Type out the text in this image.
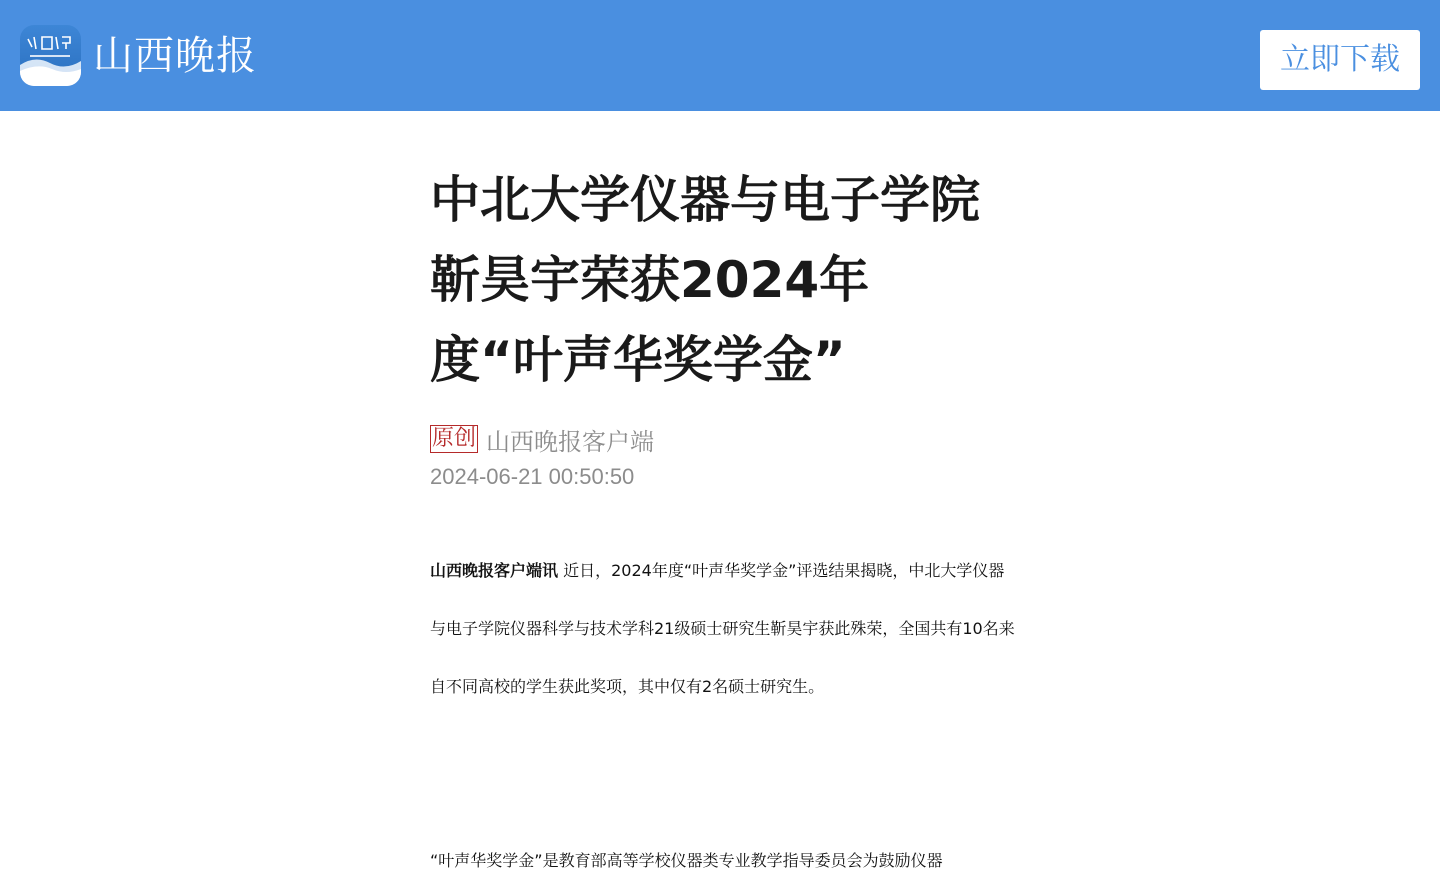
山西晚报	立即下载
中北大学仪器与电子学院靳昊宇荣获2024年度“叶声华奖学金”
原创 山西晚报客户端
2024-06-21 00:50:50

山西晚报客户端讯 近日，2024年度“叶声华奖学金”评选结果揭晓，中北大学仪器与电子学院仪器科学与技术学科21级硕士研究生靳昊宇获此殊荣，全国共有10名来自不同高校的学生获此奖项，其中仅有2名硕士研究生。

“叶声华奖学金”是教育部高等学校仪器类专业教学指导委员会为鼓励仪器
